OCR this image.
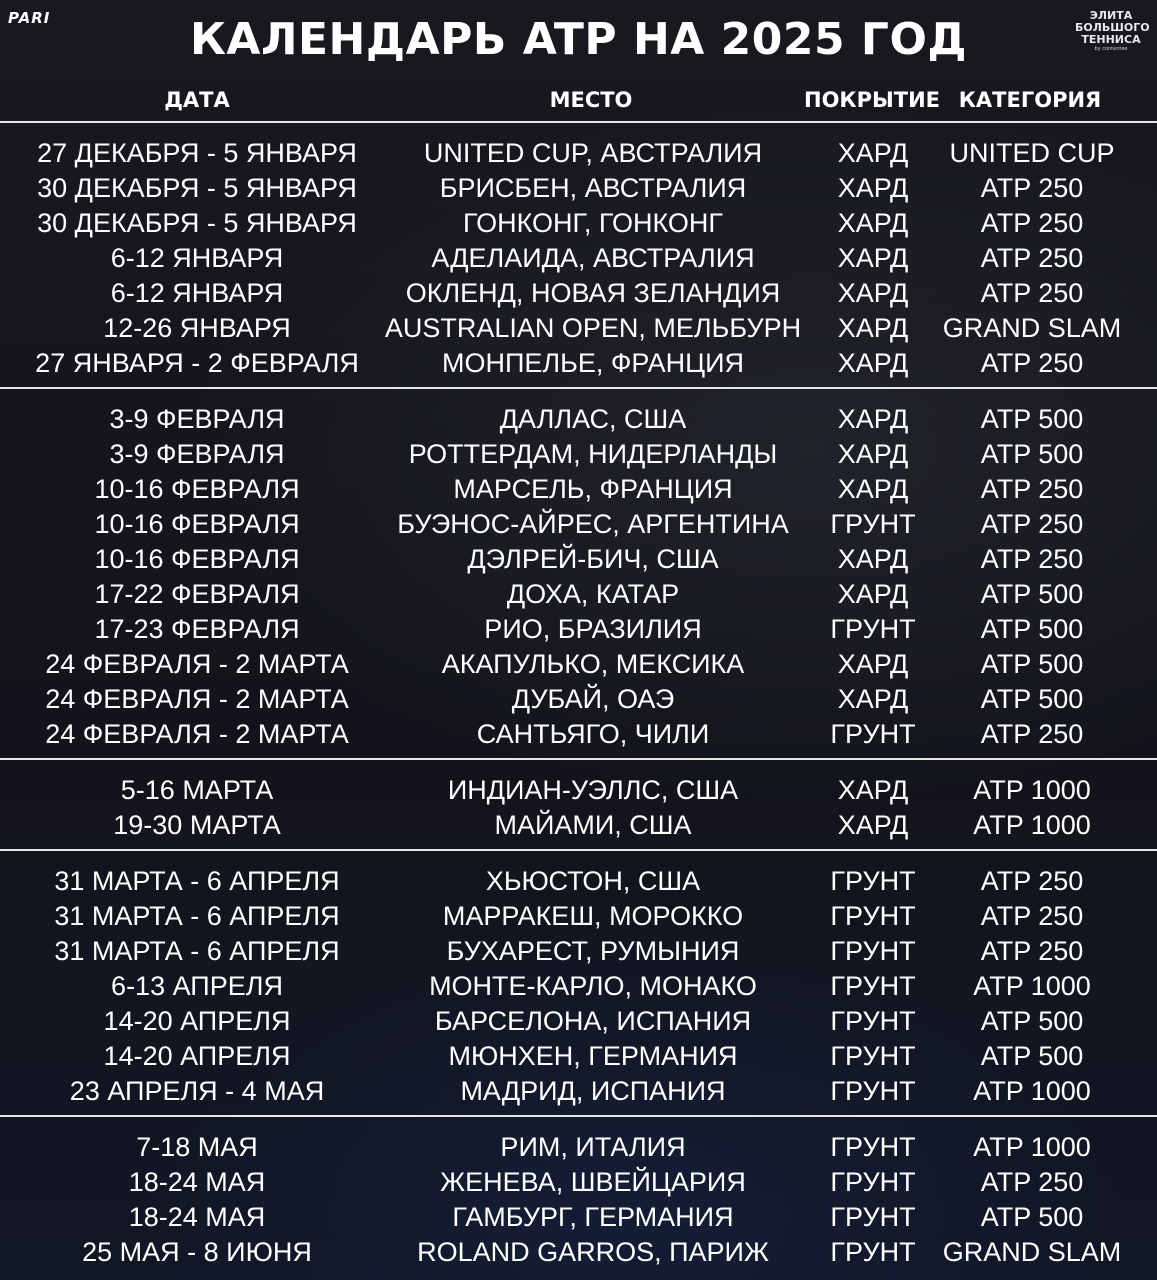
PARI	ЭЛИТА
БОЛЬШОГО
ТЕННИСА
by contentee
КАЛЕНДАРЬ ATP НА 2025 ГОД
ДАТА	МЕСТО	ПОКРЫТИЕ КАТЕГОРИЯ
27 ДЕКАБРЯ - 5 ЯНВАРЯ UNITED CUP, АВСТРАЛИЯ	ХАРД UNITED CUP
30 ДЕКАБРЯ - 5 ЯНВАРЯ	БРИСБЕН, АВСТРАЛИЯ	ХАРД	ATP 250
30 ДЕКАБРЯ - 5 ЯНВАРЯ	ГОНКОНГ, ГОНКОНГ	ХАРД	ATP 250
6-12 ЯНВАРЯ	АДЕЛАИДА, АВСТРАЛИЯ	ХАРД	ATP 250
6-12 ЯНВАРЯ	ОКЛЕНД, НОВАЯ ЗЕЛАНДИЯ ХАРД	ATP 250
12-26 ЯНВАРЯ	AUSTRALIAN OPEN, МЕЛЬБУРН ХАРД GRAND SLAM
27 ЯНВАРЯ - 2 ФЕВРАЛЯ	МОНПЕЛЬЕ, ФРАНЦИЯ	ХАРД	ATP 250
3-9 ФЕВРАЛЯ	ДАЛЛАС, США	ХАРД	ATP 500
3-9 ФЕВРАЛЯ	РОТТЕРДАМ, НИДЕРЛАНДЫ ХАРД	ATP 500
10-16 ФЕВРАЛЯ	МАРСЕЛЬ, ФРАНЦИЯ	ХАРД	ATP 250
10-16 ФЕВРАЛЯ	БУЭНОС-АЙРЕС, АРГЕНТИНА ГРУНТ ATP 250
10-16 ФЕВРАЛЯ	ДЭЛРЕЙ-БИЧ, США	ХАРД	ATP 250
17-22 ФЕВРАЛЯ	ДОХА, КАТАР	ХАРД	ATP 500
17-23 ФЕВРАЛЯ	РИО, БРАЗИЛИЯ	ГРУНТ ATP 500
24 ФЕВРАЛЯ - 2 МАРТА	АКАПУЛЬКО, МЕКСИКА	ХАРД	ATP 500
24 ФЕВРАЛЯ - 2 МАРТА	ДУБАЙ, ОАЭ	ХАРД	ATP 500
24 ФЕВРАЛЯ - 2 МАРТА	САНТЬЯГО, ЧИЛИ	ГРУНТ ATP 250
5-16 МАРТА	ИНДИАН-УЭЛЛС, США	ХАРД ATP 1000
19-30 МАРТА	МАЙАМИ, США	ХАРД ATP 1000
31 МАРТА - 6 АПРЕЛЯ	ХЬЮСТОН, США	ГРУНТ ATP 250
31 МАРТА - 6 АПРЕЛЯ	МАРРАКЕШ, МОРОККО	ГРУНТ ATP 250
31 МАРТА - 6 АПРЕЛЯ	БУХАРЕСТ, РУМЫНИЯ	ГРУНТ ATP 250
6-13 АПРЕЛЯ	МОНТЕ-КАРЛО, МОНАКО	ГРУНТ ATP 1000
14-20 АПРЕЛЯ	БАРСЕЛОНА, ИСПАНИЯ	ГРУНТ ATP 500
14-20 АПРЕЛЯ	МЮНХЕН, ГЕРМАНИЯ	ГРУНТ ATP 500
23 АПРЕЛЯ - 4 МАЯ	МАДРИД, ИСПАНИЯ	ГРУНТ ATP 1000
7-18 МАЯ	РИМ, ИТАЛИЯ	ГРУНТ ATP 1000
18-24 МАЯ	ЖЕНЕВА, ШВЕЙЦАРИЯ	ГРУНТ ATP 250
18-24 МАЯ	ГАМБУРГ, ГЕРМАНИЯ	ГРУНТ ATP 500
25 МАЯ - 8 ИЮНЯ	ROLAND GARROS, ПАРИЖ ГРУНТ GRAND SLAM
